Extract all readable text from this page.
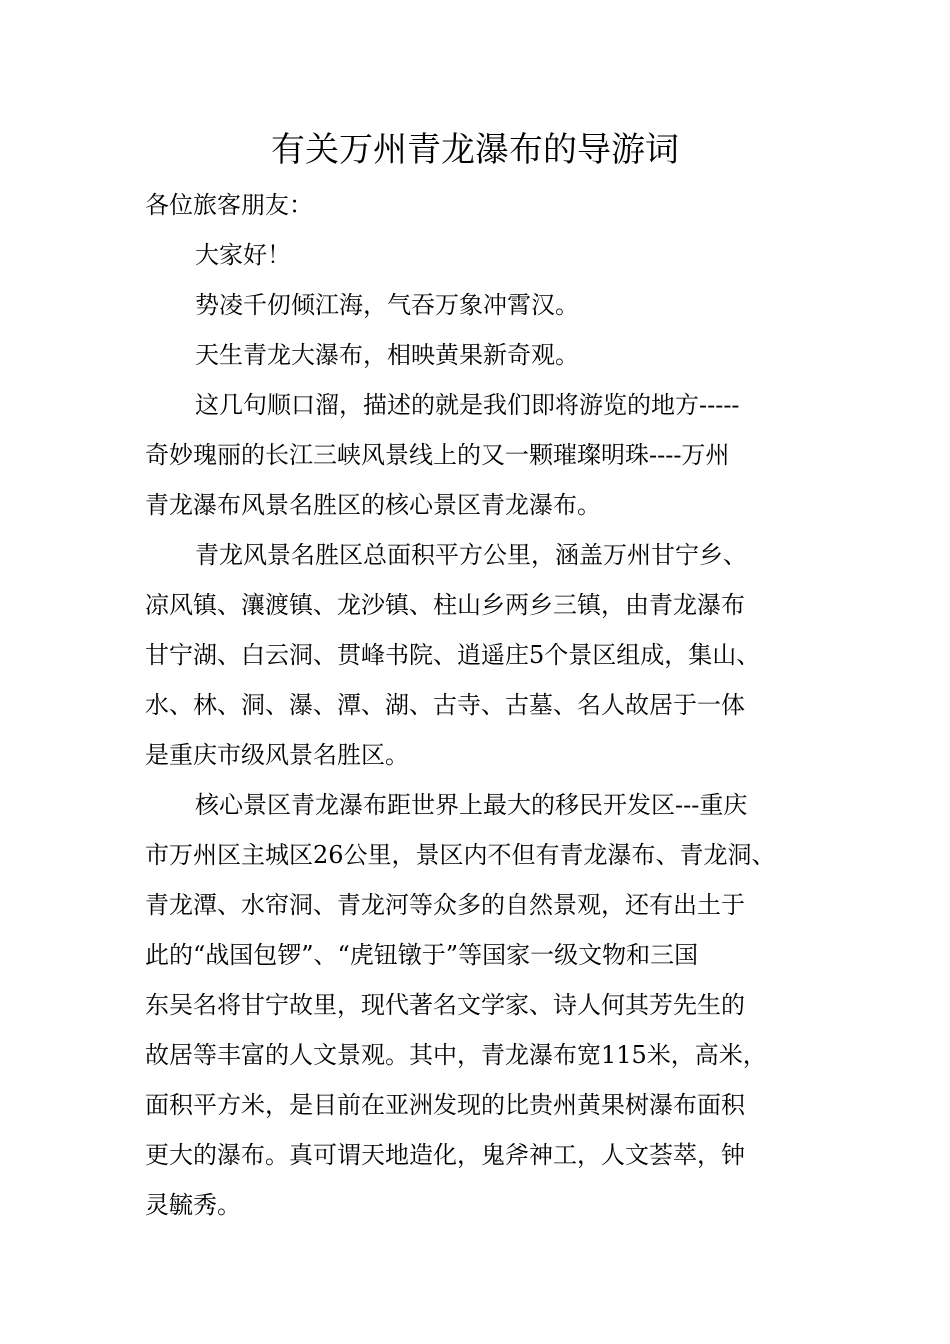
有关万州青龙瀑布的导游词
各位旅客朋友：
大家好！
势凌千仞倾江海，气吞万象冲霄汉。
天生青龙大瀑布，相映黄果新奇观。
这几句顺口溜，描述的就是我们即将游览的地方-----
奇妙瑰丽的长江三峡风景线上的又一颗璀璨明珠----万州
青龙瀑布风景名胜区的核心景区青龙瀑布。
青龙风景名胜区总面积平方公里，涵盖万州甘宁乡、
凉风镇、瀼渡镇、龙沙镇、柱山乡两乡三镇，由青龙瀑布
甘宁湖、白云洞、贯峰书院、逍遥庄5个景区组成，集山、
水、林、洞、瀑、潭、湖、古寺、古墓、名人故居于一体
是重庆市级风景名胜区。
核心景区青龙瀑布距世界上最大的移民开发区---重庆
市万州区主城区26公里，景区内不但有青龙瀑布、青龙洞、
青龙潭、水帘洞、青龙河等众多的自然景观，还有出土于
此的“战国包锣”、“虎钮镦于”等国家一级文物和三国
东吴名将甘宁故里，现代著名文学家、诗人何其芳先生的
故居等丰富的人文景观。其中，青龙瀑布宽115米，高米，
面积平方米，是目前在亚洲发现的比贵州黄果树瀑布面积
更大的瀑布。真可谓天地造化，鬼斧神工，人文荟萃，钟
灵毓秀。
